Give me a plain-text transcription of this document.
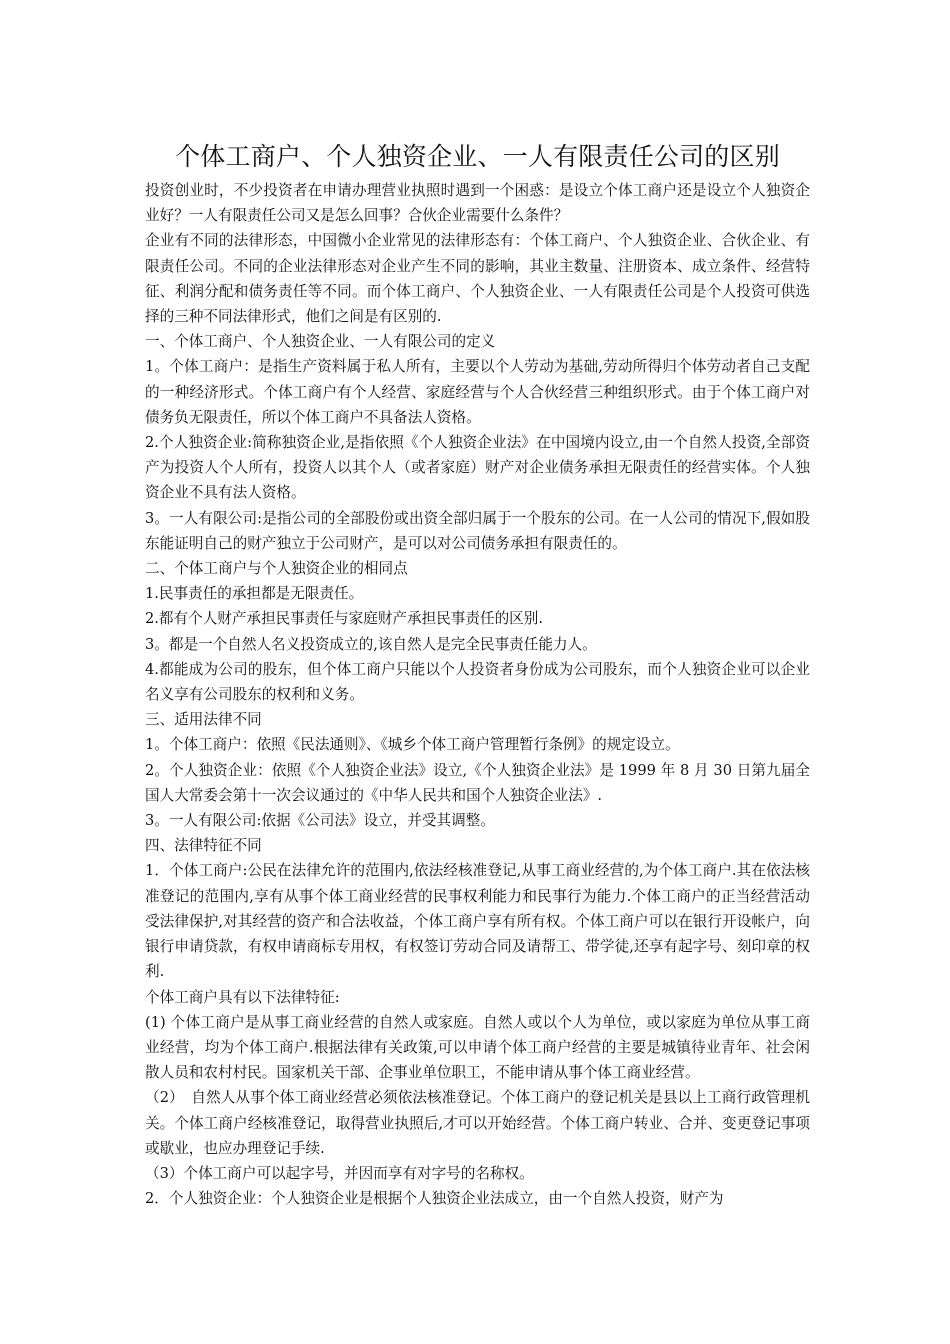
个体工商户、个人独资企业、一人有限责任公司的区别

投资创业时，不少投资者在申请办理营业执照时遇到一个困惑：是设立个体工商户还是设立个人独资企业好？一人有限责任公司又是怎么回事？合伙企业需要什么条件？

企业有不同的法律形态，中国微小企业常见的法律形态有：个体工商户、个人独资企业、合伙企业、有限责任公司。不同的企业法律形态对企业产生不同的影响，其业主数量、注册资本、成立条件、经营特征、利润分配和债务责任等不同。而个体工商户、个人独资企业、一人有限责任公司是个人投资可供选择的三种不同法律形式，他们之间是有区别的.

一、个体工商户、个人独资企业、一人有限公司的定义

1。个体工商户：是指生产资料属于私人所有，主要以个人劳动为基础,劳动所得归个体劳动者自己支配的一种经济形式。个体工商户有个人经营、家庭经营与个人合伙经营三种组织形式。由于个体工商户对债务负无限责任，所以个体工商户不具备法人资格。

2.个人独资企业:简称独资企业,是指依照《个人独资企业法》在中国境内设立,由一个自然人投资,全部资产为投资人个人所有，投资人以其个人（或者家庭）财产对企业债务承担无限责任的经营实体。个人独资企业不具有法人资格。

3。一人有限公司:是指公司的全部股份或出资全部归属于一个股东的公司。在一人公司的情况下,假如股东能证明自己的财产独立于公司财产，是可以对公司债务承担有限责任的。

二、个体工商户与个人独资企业的相同点

1.民事责任的承担都是无限责任。

2.都有个人财产承担民事责任与家庭财产承担民事责任的区别.

3。都是一个自然人名义投资成立的,该自然人是完全民事责任能力人。

4.都能成为公司的股东，但个体工商户只能以个人投资者身份成为公司股东，而个人独资企业可以企业名义享有公司股东的权利和义务。

三、适用法律不同

1。个体工商户：依照《民法通则》、《城乡个体工商户管理暂行条例》的规定设立。

2。个人独资企业：依照《个人独资企业法》设立,《个人独资企业法》是 1999 年 8 月 30 日第九届全国人大常委会第十一次会议通过的《中华人民共和国个人独资企业法》.

3。一人有限公司:依据《公司法》设立，并受其调整。

四、法律特征不同

1．个体工商户:公民在法律允许的范围内,依法经核准登记,从事工商业经营的,为个体工商户.其在依法核准登记的范围内,享有从事个体工商业经营的民事权利能力和民事行为能力.个体工商户的正当经营活动受法律保护,对其经营的资产和合法收益，个体工商户享有所有权。个体工商户可以在银行开设帐户，向银行申请贷款，有权申请商标专用权，有权签订劳动合同及请帮工、带学徒,还享有起字号、刻印章的权利.

个体工商户具有以下法律特征:

(1) 个体工商户是从事工商业经营的自然人或家庭。自然人或以个人为单位，或以家庭为单位从事工商业经营，均为个体工商户.根据法律有关政策,可以申请个体工商户经营的主要是城镇待业青年、社会闲散人员和农村村民。国家机关干部、企事业单位职工，不能申请从事个体工商业经营。

（2）　自然人从事个体工商业经营必须依法核准登记。个体工商户的登记机关是县以上工商行政管理机关。个体工商户经核准登记，取得营业执照后,才可以开始经营。个体工商户转业、合并、变更登记事项或歇业，也应办理登记手续.

（3）个体工商户可以起字号，并因而享有对字号的名称权。

2．个人独资企业：个人独资企业是根据个人独资企业法成立，由一个自然人投资，财产为
